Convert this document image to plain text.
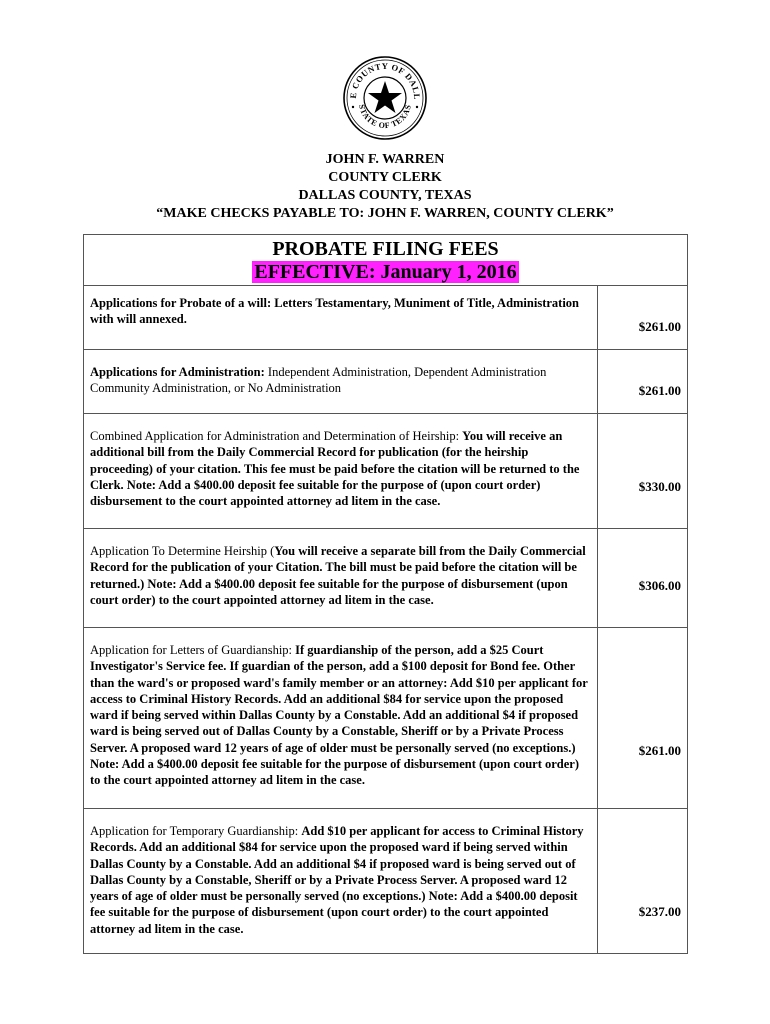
E COUNTY OF DALL
STATE OF TEXAS
JOHN F. WARREN
COUNTY CLERK
DALLAS COUNTY, TEXAS
“MAKE CHECKS PAYABLE TO: JOHN F. WARREN, COUNTY CLERK”
PROBATE FILING FEES
EFFECTIVE: January 1, 2016
Applications for Probate of a will: Letters Testamentary, Muniment of Title, Administration with will annexed.	$261.00
Applications for Administration: Independent Administration, Dependent Administration Community Administration, or No Administration	$261.00
Combined Application for Administration and Determination of Heirship: You will receive an additional bill from the Daily Commercial Record for publication (for the heirship proceeding) of your citation. This fee must be paid before the citation will be returned to the Clerk. Note: Add a $400.00 deposit fee suitable for the purpose of (upon court order) disbursement to the court appointed attorney ad litem in the case.
$330.00
Application To Determine Heirship (You will receive a separate bill from the Daily Commercial Record for the publication of your Citation. The bill must be paid before the citation will be returned.) Note: Add a $400.00 deposit fee suitable for the purpose of disbursement (upon court order) to the court appointed attorney ad litem in the case.
$306.00
Application for Letters of Guardianship: If guardianship of the person, add a $25 Court Investigator's Service fee. If guardian of the person, add a $100 deposit for Bond fee. Other than the ward's or proposed ward's family member or an attorney: Add $10 per applicant for access to Criminal History Records. Add an additional $84 for service upon the proposed ward if being served within Dallas County by a Constable. Add an additional $4 if proposed ward is being served out of Dallas County by a Constable, Sheriff or by a Private Process Server. A proposed ward 12 years of age of older must be personally served (no exceptions.) Note: Add a $400.00 deposit fee suitable for the purpose of disbursement (upon court order) to the court appointed attorney ad litem in the case.
$261.00
Application for Temporary Guardianship: Add $10 per applicant for access to Criminal History Records. Add an additional $84 for service upon the proposed ward if being served within Dallas County by a Constable. Add an additional $4 if proposed ward is being served out of Dallas County by a Constable, Sheriff or by a Private Process Server. A proposed ward 12 years of age of older must be personally served (no exceptions.) Note: Add a $400.00 deposit fee suitable for the purpose of disbursement (upon court order) to the court appointed attorney ad litem in the case.
$237.00
